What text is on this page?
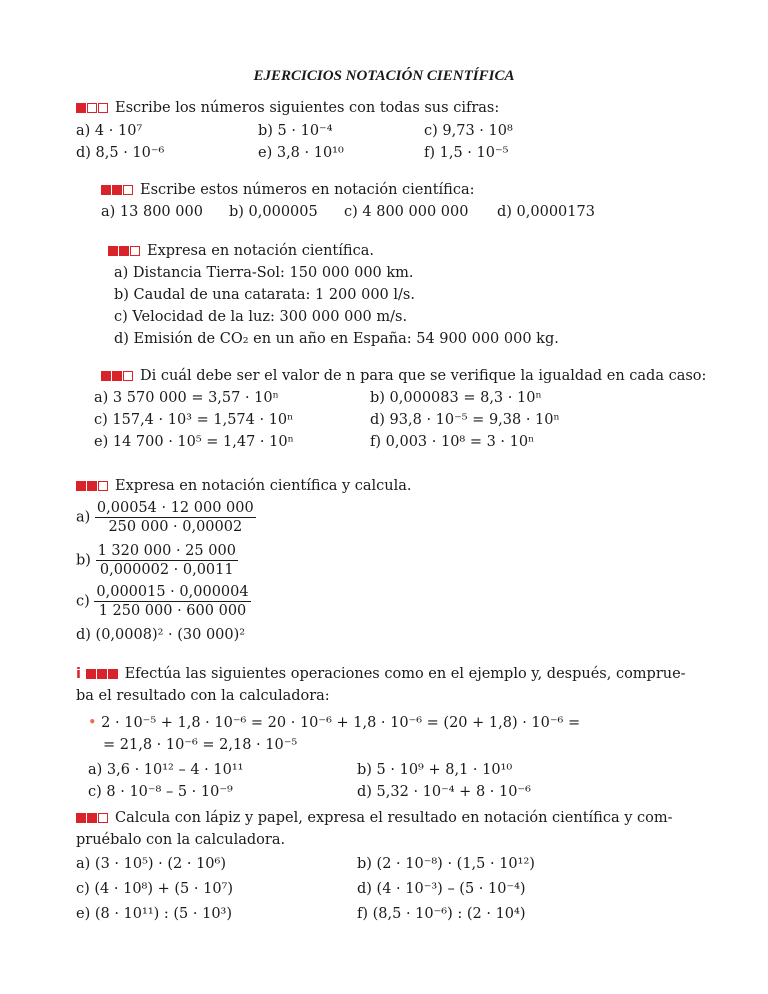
EJERCICIOS NOTACIÓN CIENTÍFICA
Escribe los números siguientes con todas sus cifras:
a) 4 · 10⁷	b) 5 · 10⁻⁴	c) 9,73 · 10⁸
d) 8,5 · 10⁻⁶	e) 3,8 · 10¹⁰	f) 1,5 · 10⁻⁵
Escribe estos números en notación científica:
a) 13 800 000 b) 0,000005 c) 4 800 000 000 d) 0,0000173
Expresa en notación científica.
a) Distancia Tierra-Sol: 150 000 000 km.
b) Caudal de una catarata: 1 200 000 l/s.
c) Velocidad de la luz: 300 000 000 m/s.
d) Emisión de CO₂ en un año en España: 54 900 000 000 kg.
Di cuál debe ser el valor de n para que se verifique la igualdad en cada caso:
a) 3 570 000 = 3,57 · 10ⁿ	b) 0,000083 = 8,3 · 10ⁿ
c) 157,4 · 10³ = 1,574 · 10ⁿ	d) 93,8 · 10⁻⁵ = 9,38 · 10ⁿ
e) 14 700 · 10⁵ = 1,47 · 10ⁿ	f) 0,003 · 10⁸ = 3 · 10ⁿ
Expresa en notación científica y calcula.
$a) \frac{0,00054 \cdot 12 000 000}{250 000 \cdot 0,00002}$
$b) \frac{1 320 000 \cdot 25 000}{0,000002 \cdot 0,0011}$
$c) \frac{0,000015 \cdot 0,000004}{1 250 000 \cdot 600 000}$
d) (0,0008)² · (30 000)²
i	Efectúa las siguientes operaciones como en el ejemplo y, después, comprue-
ba el resultado con la calculadora:
• 2 · 10⁻⁵ + 1,8 · 10⁻⁶ = 20 · 10⁻⁶ + 1,8 · 10⁻⁶ = (20 + 1,8) · 10⁻⁶ =
= 21,8 · 10⁻⁶ = 2,18 · 10⁻⁵
a) 3,6 · 10¹² – 4 · 10¹¹	b) 5 · 10⁹ + 8,1 · 10¹⁰
c) 8 · 10⁻⁸ – 5 · 10⁻⁹	d) 5,32 · 10⁻⁴ + 8 · 10⁻⁶
Calcula con lápiz y papel, expresa el resultado en notación científica y com-
pruébalo con la calculadora.
a) (3 · 10⁵) · (2 · 10⁶)	b) (2 · 10⁻⁸) · (1,5 · 10¹²)
c) (4 · 10⁸) + (5 · 10⁷)	d) (4 · 10⁻³) – (5 · 10⁻⁴)
e) (8 · 10¹¹) : (5 · 10³)	f) (8,5 · 10⁻⁶) : (2 · 10⁴)
